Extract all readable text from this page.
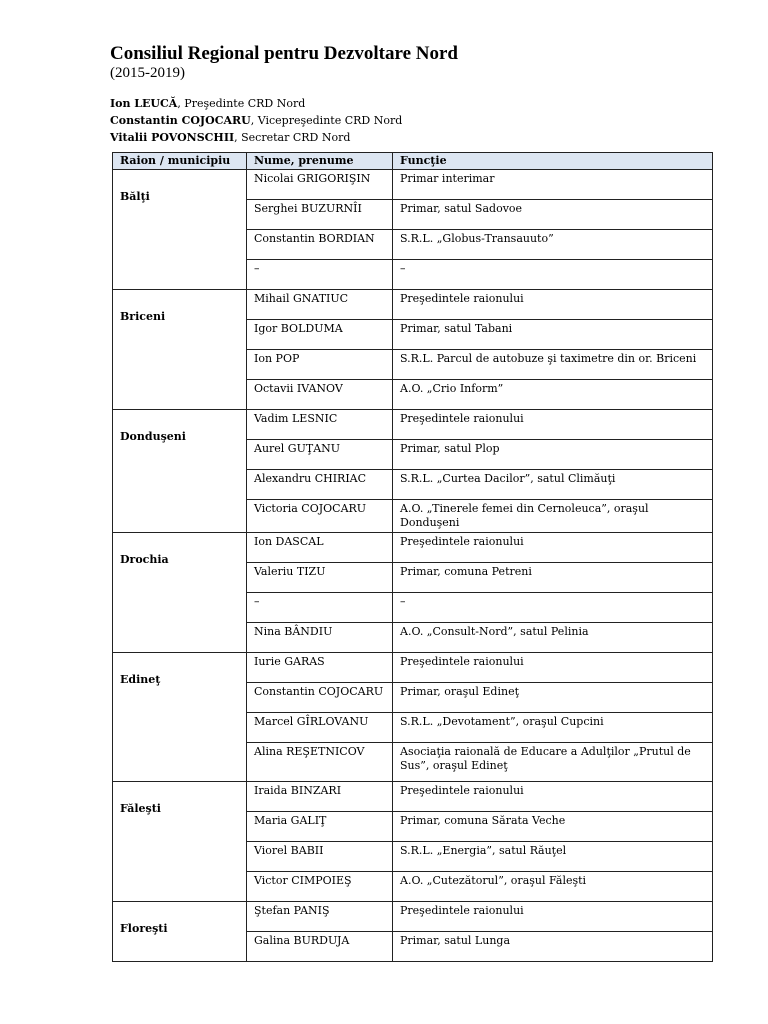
Consiliul Regional pentru Dezvoltare Nord
(2015-2019)
Ion LEUCĂ, Preşedinte CRD Nord
Constantin COJOCARU, Vicepreşedinte CRD Nord
Vitalii POVONSCHII, Secretar CRD Nord
Raion / municipiu	Nume, prenume	Funcţie
Bălţi	Nicolai GRIGORIŞIN	Primar interimar
	Serghei BUZURNÎI	Primar, satul Sadovoe
	Constantin BORDIAN	S.R.L. „Globus-Transauuto”
	–	–
Briceni	Mihail GNATIUC	Preşedintele raionului
	Igor BOLDUMA	Primar, satul Tabani
	Ion POP	S.R.L. Parcul de autobuze şi taximetre din or. Briceni
	Octavii IVANOV	A.O. „Crio Inform”
Donduşeni	Vadim LESNIC	Preşedintele raionului
	Aurel GUŢANU	Primar, satul Plop
	Alexandru CHIRIAC	S.R.L. „Curtea Dacilor”, satul Climăuţi
	Victoria COJOCARU	A.O. „Tinerele femei din Cernoleuca”, oraşul Donduşeni
Drochia	Ion DASCAL	Preşedintele raionului
	Valeriu TIZU	Primar, comuna Petreni
	–	–
	Nina BÂNDIU	A.O. „Consult-Nord”, satul Pelinia
Edineţ	Iurie GARAS	Preşedintele raionului
	Constantin COJOCARU	Primar, oraşul Edineţ
	Marcel GÎRLOVANU	S.R.L. „Devotament”, oraşul Cupcini
	Alina REŞETNICOV	Asociaţia raională de Educare a Adulţilor „Prutul de Sus”, oraşul Edineţ
Făleşti	Iraida BINZARI	Preşedintele raionului
	Maria GALIŢ	Primar, comuna Sărata Veche
	Viorel BABII	S.R.L. „Energia”, satul Răuţel
	Victor CIMPOIEŞ	A.O. „Cutezătorul”, oraşul Făleşti
Floreşti	Ştefan PANIŞ	Preşedintele raionului
	Galina BURDUJA	Primar, satul Lunga
